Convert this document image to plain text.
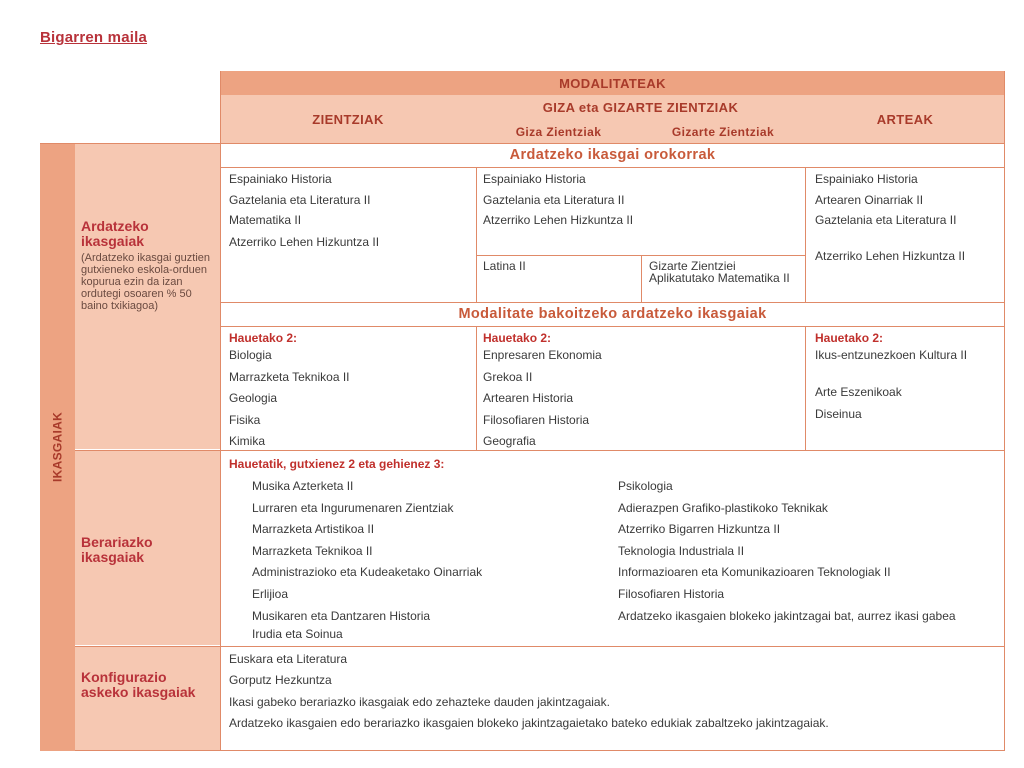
Bigarren maila
MODALITATEAK
ZIENTZIAK
GIZA eta GIZARTE ZIENTZIAK
Giza Zientziak	Gizarte Zientziak
ARTEAK
IKASGAIAK
Ardatzeko ikasgaiak
(Ardatzeko ikasgai guztien gutxieneko eskola-orduen kopurua ezin da izan ordutegi osoaren % 50 baino txikiagoa)
Berariazko ikasgaiak
Konfigurazio askeko ikasgaiak
Ardatzeko ikasgai orokorrak
Espainiako Historia
Gaztelania eta Literatura II
Matematika II
Atzerriko Lehen Hizkuntza II
Espainiako Historia
Gaztelania eta Literatura II
Atzerriko Lehen Hizkuntza II
Latina II	Gizarte Zientziei Aplikatutako Matematika II
Espainiako Historia
Artearen Oinarriak II
Gaztelania eta Literatura II
Atzerriko Lehen Hizkuntza II
Modalitate bakoitzeko ardatzeko ikasgaiak
Hauetako 2:
Biologia
Marrazketa Teknikoa II
Geologia
Fisika
Kimika
Hauetako 2:
Enpresaren Ekonomia
Grekoa II
Artearen Historia
Filosofiaren Historia
Geografia
Hauetako 2:
Ikus-entzunezkoen Kultura II
Arte Eszenikoak
Diseinua
Hauetatik, gutxienez 2 eta gehienez 3:
Musika Azterketa II
Lurraren eta Ingurumenaren Zientziak
Marrazketa Artistikoa II
Marrazketa Teknikoa II
Administrazioko eta Kudeaketako Oinarriak
Erlijioa
Musikaren eta Dantzaren Historia
Irudia eta Soinua
Psikologia
Adierazpen Grafiko-plastikoko Teknikak
Atzerriko Bigarren Hizkuntza II
Teknologia Industriala II
Informazioaren eta Komunikazioaren Teknologiak II
Filosofiaren Historia
Ardatzeko ikasgaien blokeko jakintzagai bat, aurrez ikasi gabea
Euskara eta Literatura
Gorputz Hezkuntza
Ikasi gabeko berariazko ikasgaiak edo zehazteke dauden jakintzagaiak.
Ardatzeko ikasgaien edo berariazko ikasgaien blokeko jakintzagaietako bateko edukiak zabaltzeko jakintzagaiak.
